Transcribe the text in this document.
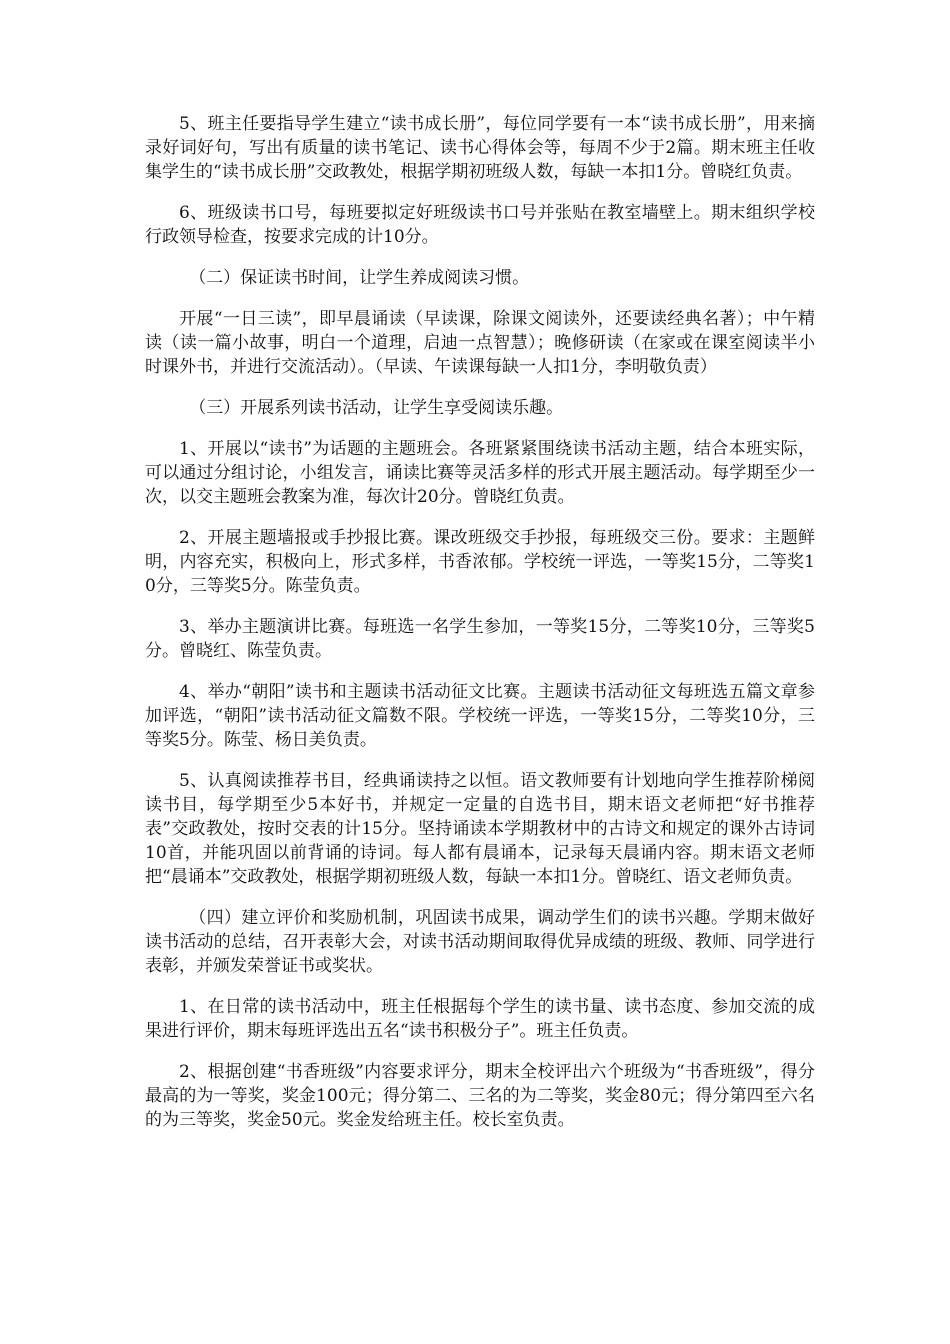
5、班主任要指导学生建立“读书成长册”，每位同学要有一本“读书成长册”，用来摘录好词好句，写出有质量的读书笔记、读书心得体会等，每周不少于2篇。期末班主任收集学生的“读书成长册”交政教处，根据学期初班级人数，每缺一本扣1分。曾晓红负责。

6、班级读书口号，每班要拟定好班级读书口号并张贴在教室墙壁上。期末组织学校行政领导检查，按要求完成的计10分。

（二）保证读书时间，让学生养成阅读习惯。

开展“一日三读”，即早晨诵读（早读课，除课文阅读外，还要读经典名著）；中午精读（读一篇小故事，明白一个道理，启迪一点智慧）；晚修研读（在家或在课室阅读半小时课外书，并进行交流活动）。（早读、午读课每缺一人扣1分，李明敬负责）

（三）开展系列读书活动，让学生享受阅读乐趣。

1、开展以“读书”为话题的主题班会。各班紧紧围绕读书活动主题，结合本班实际，可以通过分组讨论，小组发言，诵读比赛等灵活多样的形式开展主题活动。每学期至少一次，以交主题班会教案为准，每次计20分。曾晓红负责。

2、开展主题墙报或手抄报比赛。课改班级交手抄报，每班级交三份。要求：主题鲜明，内容充实，积极向上，形式多样，书香浓郁。学校统一评选，一等奖15分，二等奖10分，三等奖5分。陈莹负责。

3、举办主题演讲比赛。每班选一名学生参加，一等奖15分，二等奖10分，三等奖5分。曾晓红、陈莹负责。

4、举办“朝阳”读书和主题读书活动征文比赛。主题读书活动征文每班选五篇文章参加评选，“朝阳”读书活动征文篇数不限。学校统一评选，一等奖15分，二等奖10分，三等奖5分。陈莹、杨日美负责。

5、认真阅读推荐书目，经典诵读持之以恒。语文教师要有计划地向学生推荐阶梯阅读书目，每学期至少5本好书，并规定一定量的自选书目，期末语文老师把“好书推荐表”交政教处，按时交表的计15分。坚持诵读本学期教材中的古诗文和规定的课外古诗词10首，并能巩固以前背诵的诗词。每人都有晨诵本，记录每天晨诵内容。期末语文老师把“晨诵本”交政教处，根据学期初班级人数，每缺一本扣1分。曾晓红、语文老师负责。

（四）建立评价和奖励机制，巩固读书成果，调动学生们的读书兴趣。学期末做好读书活动的总结，召开表彰大会，对读书活动期间取得优异成绩的班级、教师、同学进行表彰，并颁发荣誉证书或奖状。

1、在日常的读书活动中，班主任根据每个学生的读书量、读书态度、参加交流的成果进行评价，期末每班评选出五名“读书积极分子”。班主任负责。

2、根据创建“书香班级”内容要求评分，期末全校评出六个班级为“书香班级”，得分最高的为一等奖，奖金100元；得分第二、三名的为二等奖，奖金80元；得分第四至六名的为三等奖，奖金50元。奖金发给班主任。校长室负责。
